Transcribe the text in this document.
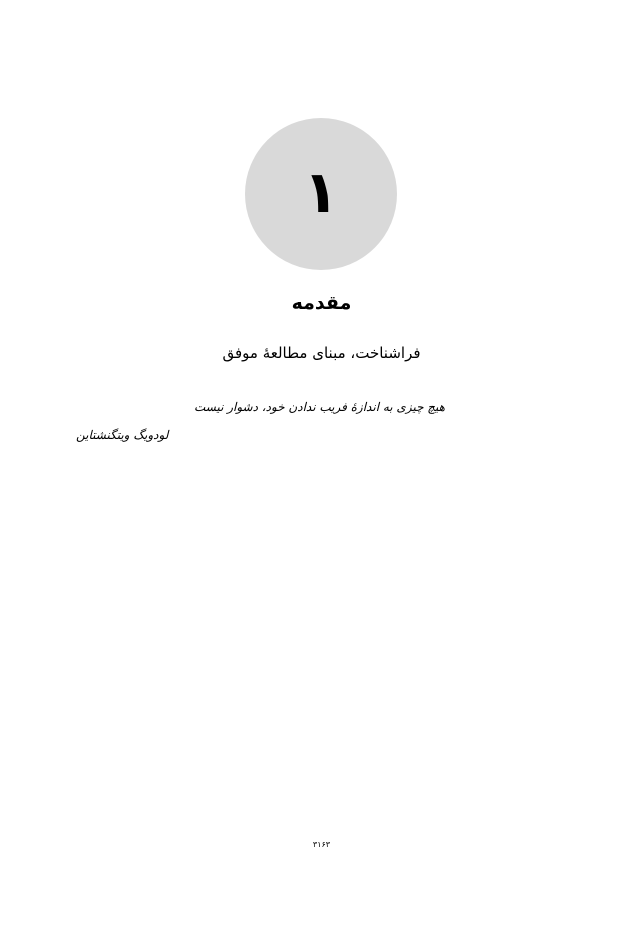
۱
مقدمه
فراشناخت، مبنای مطالعۀ موفق
هیچ چیزی به اندازۀ فریب ندادن خود، دشوار نیست
لودویگ ویتگنشتاین
۳۱۶۳
